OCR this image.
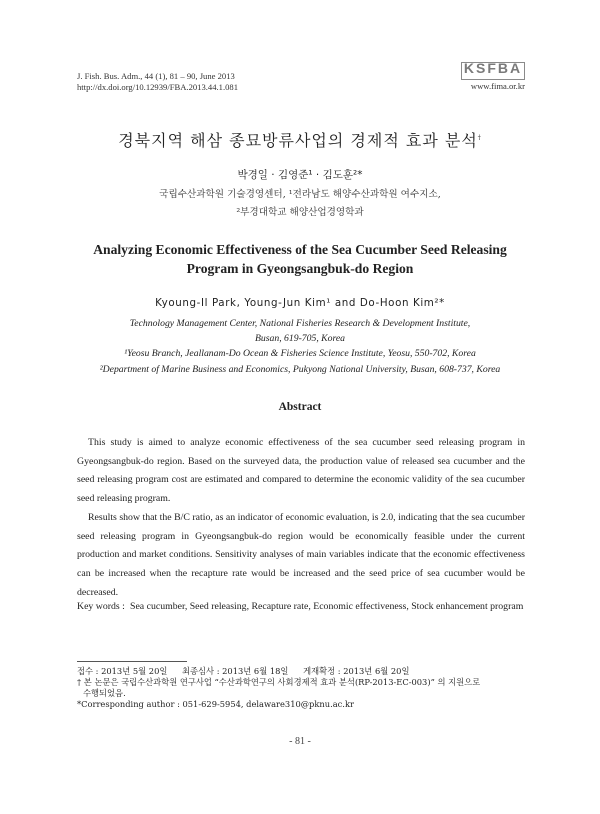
J. Fish. Bus. Adm., 44 (1), 81 – 90, June 2013
http://dx.doi.org/10.12939/FBA.2013.44.1.081
KSFBA
www.fima.or.kr
경북지역 해삼 종묘방류사업의 경제적 효과 분석†
박경일 · 김영준¹ · 김도훈²*
국립수산과학원 기술경영센터, ¹전라남도 해양수산과학원 여수지소,
²부경대학교 해양산업경영학과
Analyzing Economic Effectiveness of the Sea Cucumber Seed Releasing
Program in Gyeongsangbuk-do Region
Kyoung-Il Park, Young-Jun Kim¹ and Do-Hoon Kim²*
Technology Management Center, National Fisheries Research & Development Institute,
Busan, 619-705, Korea
¹Yeosu Branch, Jeallanam-Do Ocean & Fisheries Science Institute, Yeosu, 550-702, Korea
²Department of Marine Business and Economics, Pukyong National University, Busan, 608-737, Korea
Abstract

This study is aimed to analyze economic effectiveness of the sea cucumber seed releasing program in Gyeongsangbuk-do region. Based on the surveyed data, the production value of released sea cucumber and the seed releasing program cost are estimated and compared to determine the economic validity of the sea cucumber seed releasing program.

Results show that the B/C ratio, as an indicator of economic evaluation, is 2.0, indicating that the sea cucumber seed releasing program in Gyeongsangbuk-do region would be economically feasible under the current production and market conditions. Sensitivity analyses of main variables indicate that the economic effectiveness can be increased when the recapture rate would be increased and the seed price of sea cucumber would be decreased.

Key words : Sea cucumber, Seed releasing, Recapture rate, Economic effectiveness, Stock enhancement program
접수 : 2013년 5월 20일 최종심사 : 2013년 6월 18일 게재확정 : 2013년 6월 20일
† 본 논문은 국립수산과학원 연구사업 “수산과학연구의 사회경제적 효과 분석(RP-2013-EC-003)” 의 지원으로
수행되었음.
*Corresponding author : 051-629-5954, delaware310@pknu.ac.kr
- 81 -
